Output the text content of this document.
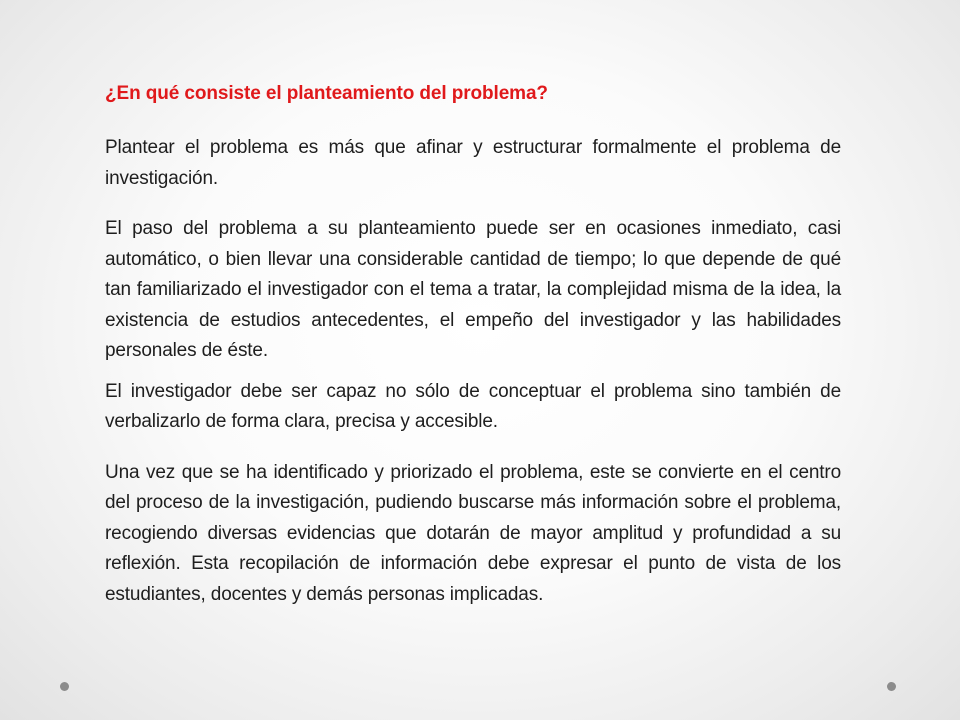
¿En qué consiste el planteamiento del problema?

Plantear el problema es más que afinar y estructurar formalmente el problema de investigación.

El paso del problema a su planteamiento puede ser en ocasiones inmediato, casi automático, o bien llevar una considerable cantidad de tiempo; lo que depende de qué tan familiarizado el investigador con el tema a tratar, la complejidad misma de la idea, la existencia de estudios antecedentes, el empeño del investigador y las habilidades personales de éste.

El investigador debe ser capaz no sólo de conceptuar el problema sino también de verbalizarlo de forma clara, precisa y accesible.

Una vez que se ha identificado y priorizado el problema, este se convierte en el centro del proceso de la investigación, pudiendo buscarse más información sobre el problema, recogiendo diversas evidencias que dotarán de mayor amplitud y profundidad a su reflexión. Esta recopilación de información debe expresar el punto de vista de los estudiantes, docentes y demás personas implicadas.
